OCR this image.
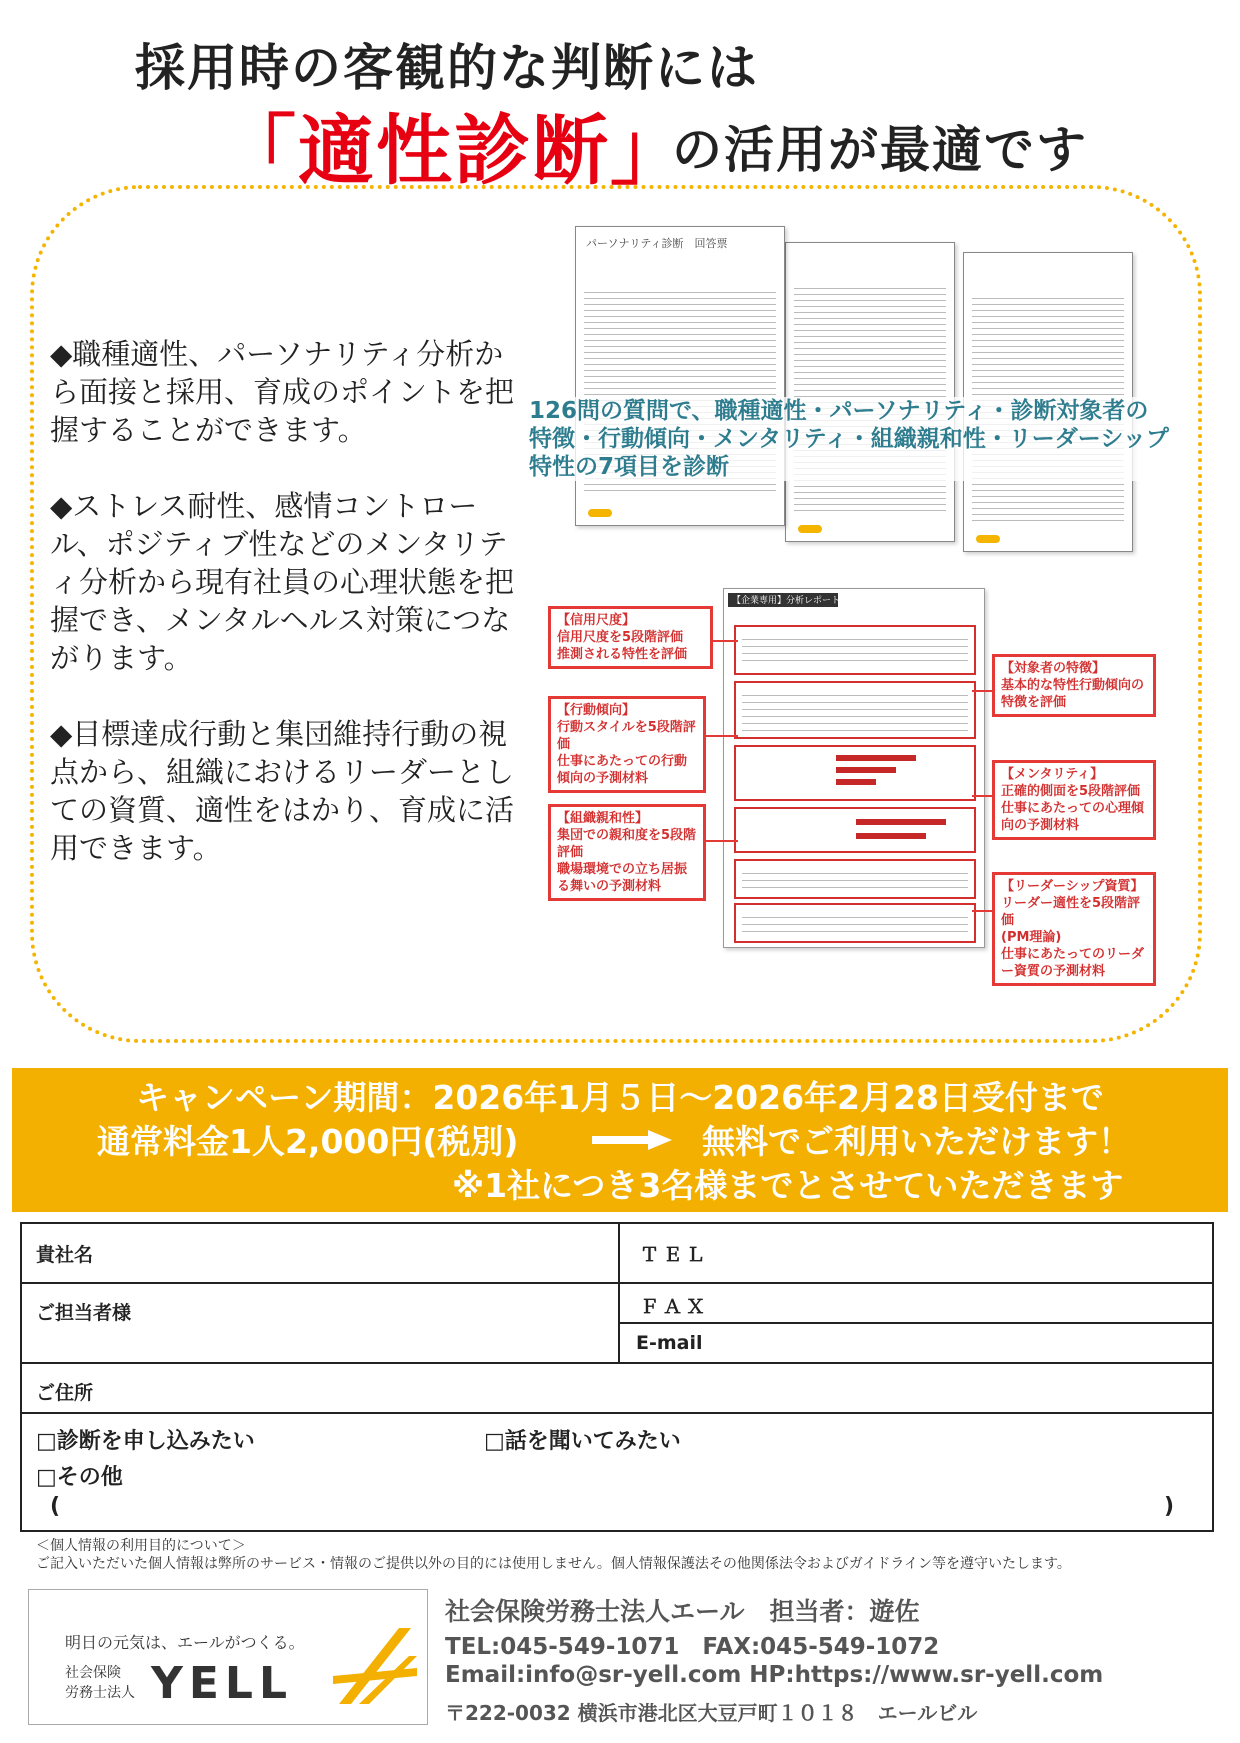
採用時の客観的な判断には
「適性診断」
の活用が最適です

◆職種適性、パーソナリティ分析から面接と採用、育成のポイントを把握することができます。

◆ストレス耐性、感情コントロール、ポジティブ性などのメンタリティ分析から現有社員の心理状態を把握でき、メンタルヘルス対策につながります。

◆目標達成行動と集団維持行動の視点から、組織におけるリーダーとしての資質、適性をはかり、育成に活用できます。

パーソナリティ診断　回答票
126問の質問で、職種適性・パーソナリティ・診断対象者の
特徴・行動傾向・メンタリティ・組織親和性・リーダーシップ
特性の7項目を診断
【企業専用】分析レポート1/2
【信用尺度】
信用尺度を5段階評価
推測される特性を評価
【行動傾向】
行動スタイルを5段階評価
仕事にあたっての行動傾向の予測材料
【組織親和性】
集団での親和度を5段階評価
職場環境での立ち居振る舞いの予測材料
【対象者の特徴】
基本的な特性行動傾向の特徴を評価
【メンタリティ】
正確的側面を5段階評価
仕事にあたっての心理傾向の予測材料
【リーダーシップ資質】
リーダー適性を5段階評価
(PM理論)
仕事にあたってのリーダー資質の予測材料
キャンペーン期間：2026年1月５日～2026年2月28日受付まで
通常料金1人2,000円(税別)	無料でご利用いただけます！
※1社につき3名様までとさせていただきます
貴社名	ＴＥＬ
ご担当者様	ＦＡＸ
E-mail
ご住所
□診断を申し込みたい	□話を聞いてみたい
□その他
(	)
＜個人情報の利用目的について＞
ご記入いただいた個人情報は弊所のサービス・情報のご提供以外の目的には使用しません。個人情報保護法その他関係法令およびガイドライン等を遵守いたします。
明日の元気は、エールがつくる。
社会保険
労務士法人 YELL
社会保険労務士法人エール　担当者：遊佐
TEL:045-549-1071　FAX:045-549-1072
Email:info@sr-yell.com HP:https://www.sr-yell.com
〒222-0032 横浜市港北区大豆戸町１０１８　エールビル
